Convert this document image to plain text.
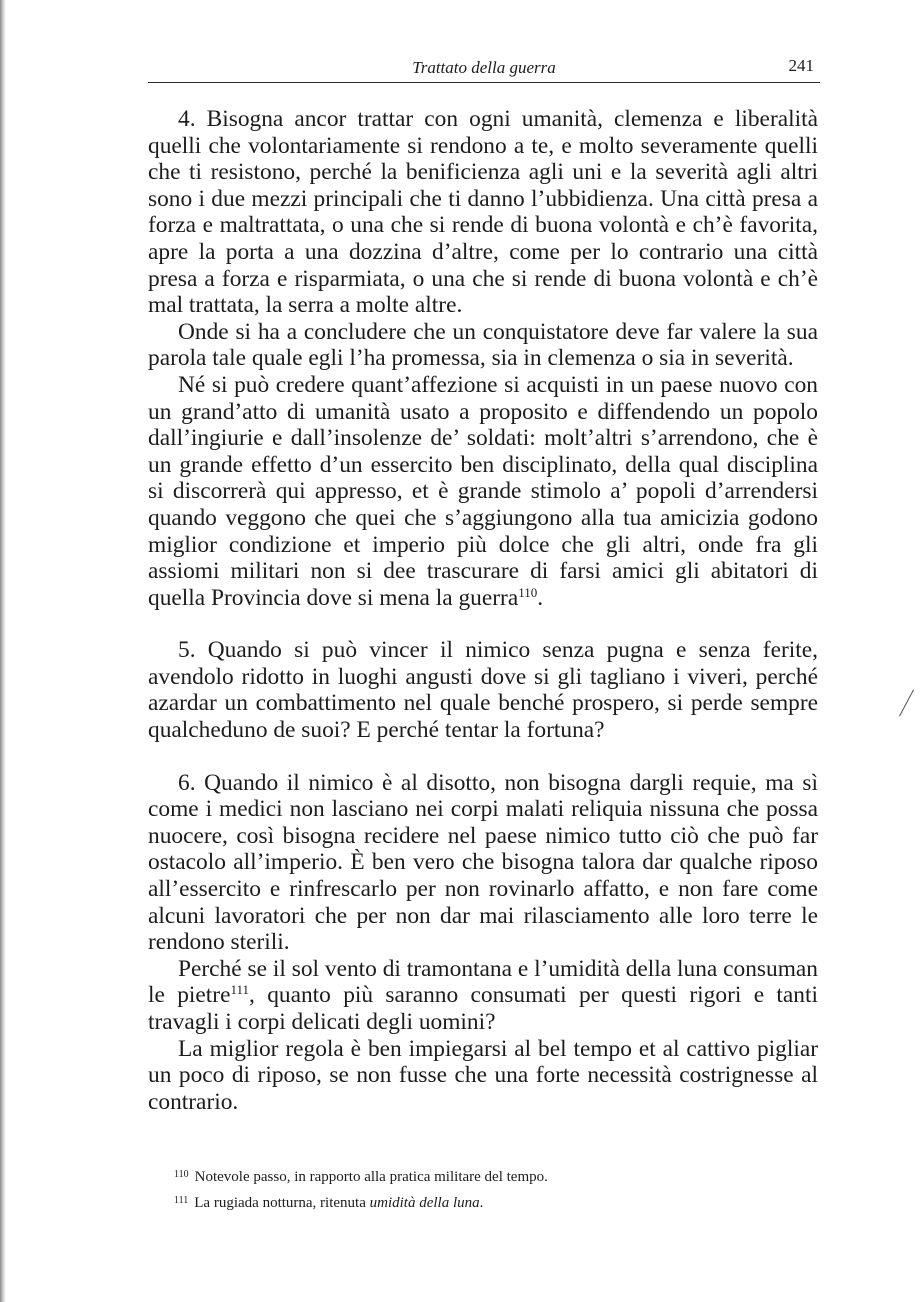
Trattato della guerra	241

4. Bisogna ancor trattar con ogni umanità, clemenza e liberalità quelli che volontariamente si rendono a te, e molto severamente quelli che ti resistono, perché la benificienza agli uni e la severità agli altri sono i due mezzi principali che ti danno l’ubbidienza. Una città presa a forza e maltrattata, o una che si rende di buona volontà e ch’è favorita, apre la porta a una dozzina d’altre, come per lo contrario una città presa a forza e risparmiata, o una che si rende di buona volontà e ch’è mal trattata, la serra a molte altre.

Onde si ha a concludere che un conquistatore deve far valere la sua parola tale quale egli l’ha promessa, sia in clemenza o sia in severità.

Né si può credere quant’affezione si acquisti in un paese nuovo con un grand’atto di umanità usato a proposito e diffendendo un popolo dall’ingiurie e dall’insolenze de’ soldati: molt’altri s’arrendono, che è un grande effetto d’un essercito ben disciplinato, della qual disciplina si discorrerà qui appresso, et è grande stimolo a’ popoli d’arrendersi quando veggono che quei che s’aggiungono alla tua amicizia godono miglior condizione et imperio più dolce che gli altri, onde fra gli assiomi militari non si dee trascurare di farsi amici gli abitatori di quella Provincia dove si mena la guerra$^{110}$.

5. Quando si può vincer il nimico senza pugna e senza ferite, avendolo ridotto in luoghi angusti dove si gli tagliano i viveri, perché azardar un combattimento nel quale benché prospero, si perde sempre qualcheduno de suoi? E perché tentar la fortuna?

6. Quando il nimico è al disotto, non bisogna dargli requie, ma sì come i medici non lasciano nei corpi malati reliquia nissuna che possa nuocere, così bisogna recidere nel paese nimico tutto ciò che può far ostacolo all’imperio. È ben vero che bisogna talora dar qualche riposo all’essercito e rinfrescarlo per non rovinarlo affatto, e non fare come alcuni lavoratori che per non dar mai rilasciamento alle loro terre le rendono sterili.

Perché se il sol vento di tramontana e l’umidità della luna consuman le pietre$^{111}$, quanto più saranno consumati per questi rigori e tanti travagli i corpi delicati degli uomini?

La miglior regola è ben impiegarsi al bel tempo et al cattivo pigliar un poco di riposo, se non fusse che una forte necessità costrignesse al contrario.

$^{110}$ Notevole passo, in rapporto alla pratica militare del tempo.

$^{111}$ La rugiada notturna, ritenuta umidità della luna.
